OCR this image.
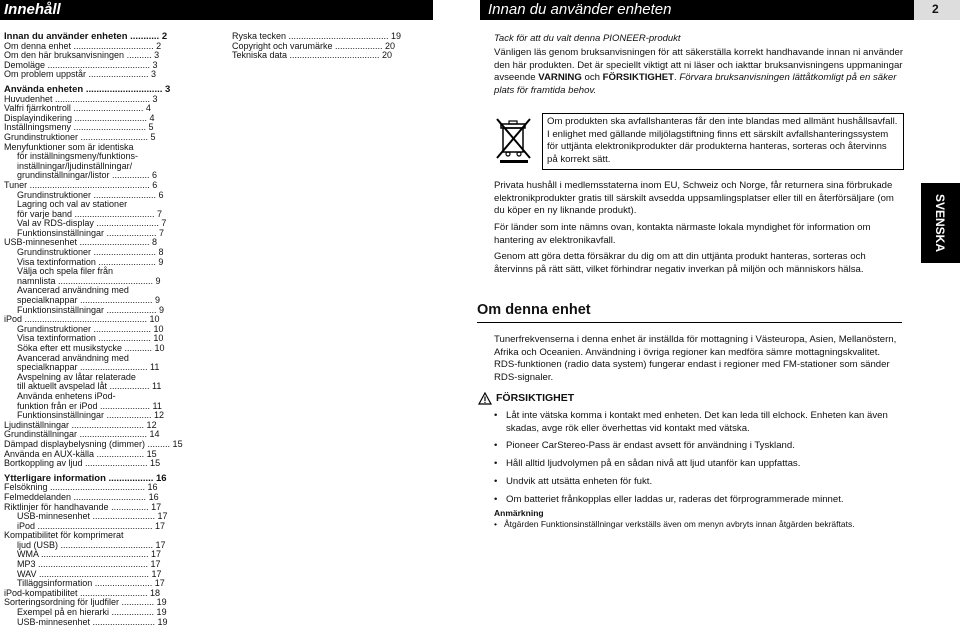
Innehåll	Innan du använder enheten	2
Innan du använder enheten ........... 2
Om denna enhet ................................ 2
Om den här bruksanvisningen .......... 3
Demoläge ......................................... 3
Om problem uppstår ........................ 3
Använda enheten ............................. 3
Huvudenhet ...................................... 3
Valfri fjärrkontroll ............................ 4
Displayindikering ............................. 4
Inställningsmeny ............................. 5
Grundinstruktioner ........................... 5
Menyfunktioner som är identiska
för inställningsmeny/funktions-
inställningar/ljudinställningar/
grundinställningar/listor ............... 6
Tuner ................................................ 6
● Grundinstruktioner ......................... 6
● Lagring och val av stationer
för varje band ................................ 7
● Val av RDS-display ......................... 7
● Funktionsinställningar .................... 7
USB-minnesenhet ............................ 8
● Grundinstruktioner ......................... 8
● Visa textinformation ....................... 9
● Välja och spela filer från
namnlista ...................................... 9
● Avancerad användning med
specialknappar ............................. 9
● Funktionsinställningar .................... 9
iPod ................................................. 10
● Grundinstruktioner ....................... 10
● Visa textinformation ..................... 10
● Söka efter ett musikstycke ........... 10
● Avancerad användning med
specialknappar ........................... 11
● Avspelning av låtar relaterade
till aktuellt avspelad låt ................ 11
● Använda enhetens iPod-
funktion från er iPod .................... 11
● Funktionsinställningar .................. 12
Ljudinställningar ............................. 12
Grundinställningar ........................... 14
Dämpad displaybelysning (dimmer) ......... 15
Använda en AUX-källa ................... 15
Bortkoppling av ljud ......................... 15
Ytterligare information ................. 16
Felsökning ...................................... 16
Felmeddelanden ............................. 16
Riktlinjer för handhavande ............... 17
● USB-minnesenhet ......................... 17
● iPod .............................................. 17
Kompatibilitet för komprimerat
ljud (USB) ..................................... 17
● WMA ........................................... 17
● MP3 ............................................ 17
● WAV ............................................ 17
● Tilläggsinformation ....................... 17
iPod-kompatibilitet ........................... 18
Sorteringsordning för ljudfiler ............. 19
● Exempel på en hierarki ................. 19
● USB-minnesenhet ......................... 19
Ryska tecken ........................................ 19
Copyright och varumärke ................... 20
Tekniska data .................................... 20
Tack för att du valt denna PIONEER-produkt
Vänligen läs genom bruksanvisningen för att säkerställa korrekt handhavande innan ni använder den här produkten. Det är speciellt viktigt att ni läser och iakttar bruksanvisningens uppmaningar avseende VARNING och FÖRSIKTIGHET. Förvara bruksanvisningen lättåtkomligt på en säker plats för framtida behov.
Om produkten ska avfallshanteras får den inte blandas med allmänt hushållsavfall. I enlighet med gällande miljölagstiftning finns ett särskilt avfallshanteringssystem för uttjänta elektronikprodukter där produkterna hanteras, sorteras och återvinns på korrekt sätt.
Privata hushåll i medlemsstaterna inom EU, Schweiz och Norge, får returnera sina förbrukade elektronikprodukter gratis till särskilt avsedda uppsamlingsplatser eller till en återförsäljare (om du köper en ny liknande produkt).
För länder som inte nämns ovan, kontakta närmaste lokala myndighet för information om hantering av elektronikavfall.
Genom att göra detta försäkrar du dig om att din uttjänta produkt hanteras, sorteras och återvinns på rätt sätt, vilket förhindrar negativ inverkan på miljön och människors hälsa.
Om denna enhet
Tunerfrekvenserna i denna enhet är inställda för mottagning i Västeuropa, Asien, Mellanöstern, Afrika och Oceanien. Användning i övriga regioner kan medföra sämre mottagningskvalitet. RDS-funktionen (radio data system) fungerar endast i regioner med FM-stationer som sänder RDS-signaler.
FÖRSIKTIGHET
• Låt inte vätska komma i kontakt med enheten. Det kan leda till elchock. Enheten kan även skadas, avge rök eller överhettas vid kontakt med vätska.
• Pioneer CarStereo-Pass är endast avsett för användning i Tyskland.
• Håll alltid ljudvolymen på en sådan nivå att ljud utanför kan uppfattas.
• Undvik att utsätta enheten för fukt.
• Om batteriet frånkopplas eller laddas ur, raderas det förprogrammerade minnet.
Anmärkning
• Åtgärden Funktionsinställningar verkställs även om menyn avbryts innan åtgärden bekräftats.
SVENSKA
